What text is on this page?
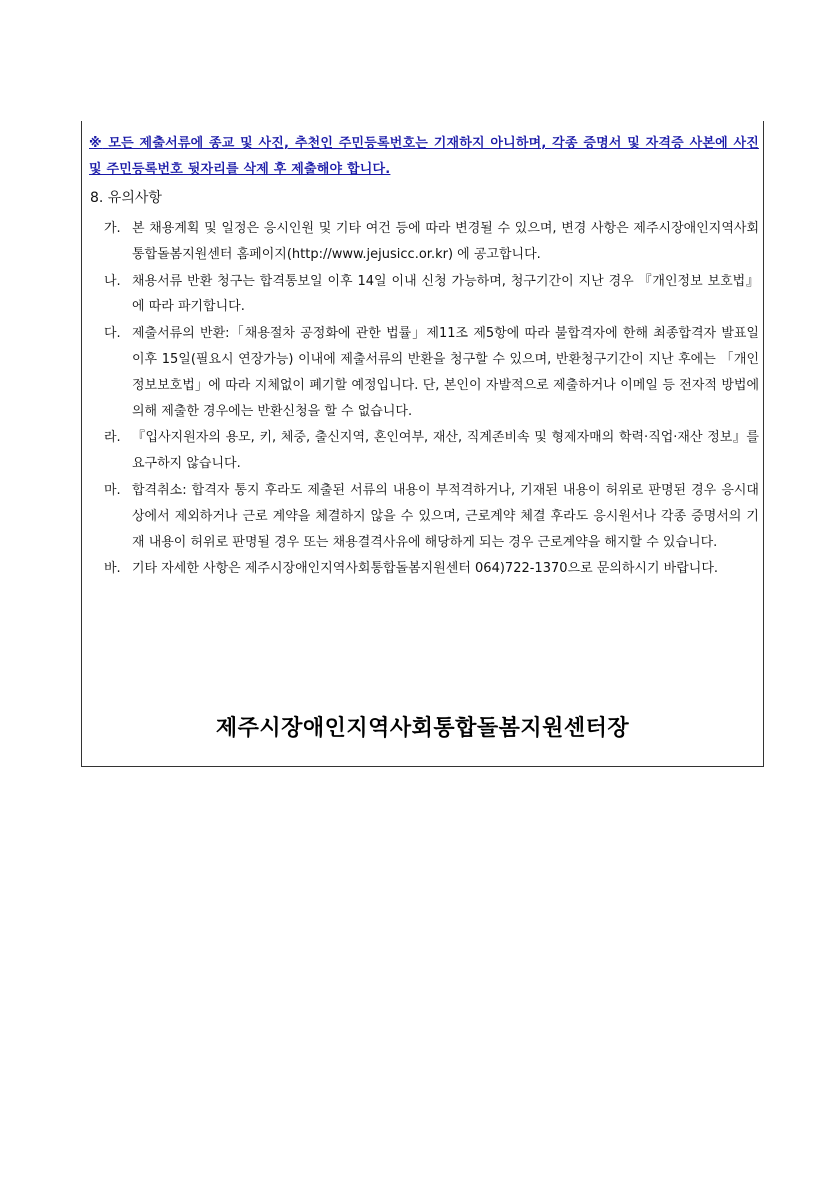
※ 모든 제출서류에 종교 및 사진, 추천인 주민등록번호는 기재하지 아니하며, 각종 증명서 및 자격증 사본에 사진 및 주민등록번호 뒷자리를 삭제 후 제출해야 합니다.
8. 유의사항
가. 본 채용계획 및 일정은 응시인원 및 기타 여건 등에 따라 변경될 수 있으며, 변경 사항은 제주시장애인지역사회통합돌봄지원센터 홈페이지(http://www.jejusicc.or.kr) 에 공고합니다.
나. 채용서류 반환 청구는 합격통보일 이후 14일 이내 신청 가능하며, 청구기간이 지난 경우 『개인정보 보호법』에 따라 파기합니다.
다. 제출서류의 반환:「채용절차 공정화에 관한 법률」제11조 제5항에 따라 불합격자에 한해 최종합격자 발표일 이후 15일(필요시 연장가능) 이내에 제출서류의 반환을 청구할 수 있으며, 반환청구기간이 지난 후에는 「개인정보보호법」에 따라 지체없이 폐기할 예정입니다. 단, 본인이 자발적으로 제출하거나 이메일 등 전자적 방법에 의해 제출한 경우에는 반환신청을 할 수 없습니다.
라. 『입사지원자의 용모, 키, 체중, 출신지역, 혼인여부, 재산, 직계존비속 및 형제자매의 학력·직업·재산 정보』를 요구하지 않습니다.
마. 합격취소: 합격자 통지 후라도 제출된 서류의 내용이 부적격하거나, 기재된 내용이 허위로 판명된 경우 응시대상에서 제외하거나 근로 계약을 체결하지 않을 수 있으며, 근로계약 체결 후라도 응시원서나 각종 증명서의 기재 내용이 허위로 판명될 경우 또는 채용결격사유에 해당하게 되는 경우 근로계약을 해지할 수 있습니다.
바. 기타 자세한 사항은 제주시장애인지역사회통합돌봄지원센터 064)722-1370으로 문의하시기 바랍니다.
제주시장애인지역사회통합돌봄지원센터장
